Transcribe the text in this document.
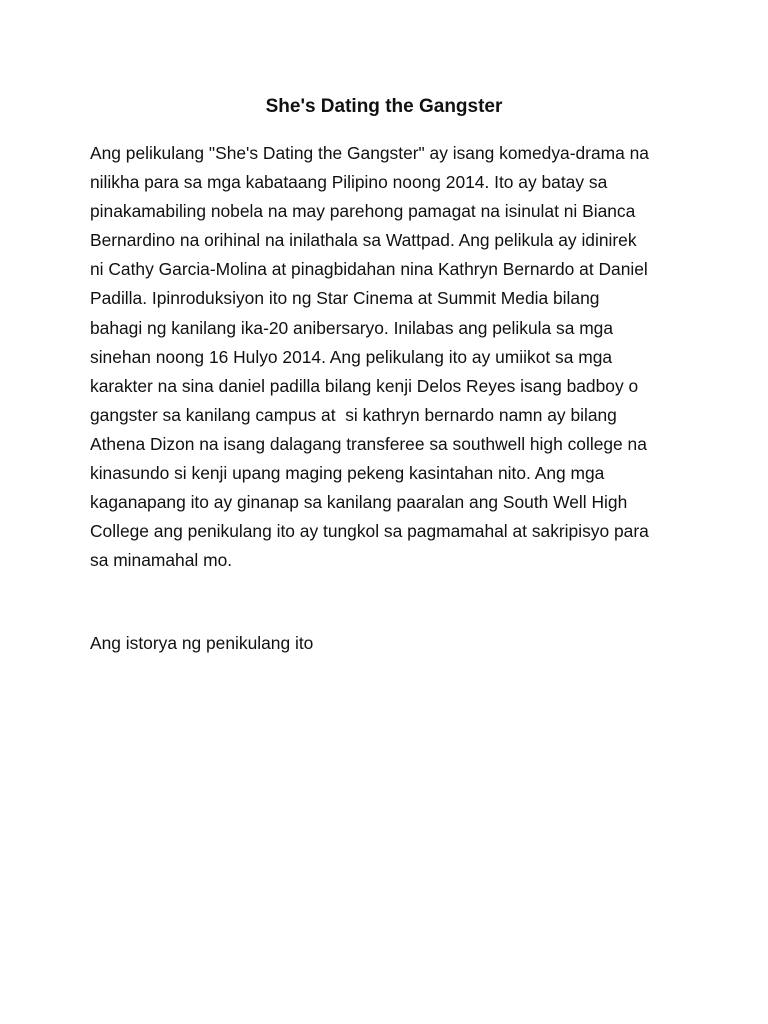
She's Dating the Gangster

Ang pelikulang "She's Dating the Gangster" ay isang komedya-drama na
nilikha para sa mga kabataang Pilipino noong 2014. Ito ay batay sa
pinakamabiling nobela na may parehong pamagat na isinulat ni Bianca
Bernardino na orihinal na inilathala sa Wattpad. Ang pelikula ay idinirek
ni Cathy Garcia-Molina at pinagbidahan nina Kathryn Bernardo at Daniel
Padilla. Ipinroduksiyon ito ng Star Cinema at Summit Media bilang
bahagi ng kanilang ika-20 anibersaryo. Inilabas ang pelikula sa mga
sinehan noong 16 Hulyo 2014. Ang pelikulang ito ay umiikot sa mga
karakter na sina daniel padilla bilang kenji Delos Reyes isang badboy o
gangster sa kanilang campus at  si kathryn bernardo namn ay bilang
Athena Dizon na isang dalagang transferee sa southwell high college na
kinasundo si kenji upang maging pekeng kasintahan nito. Ang mga
kaganapang ito ay ginanap sa kanilang paaralan ang South Well High
College ang penikulang ito ay tungkol sa pagmamahal at sakripisyo para
sa minamahal mo.

Ang istorya ng penikulang ito
